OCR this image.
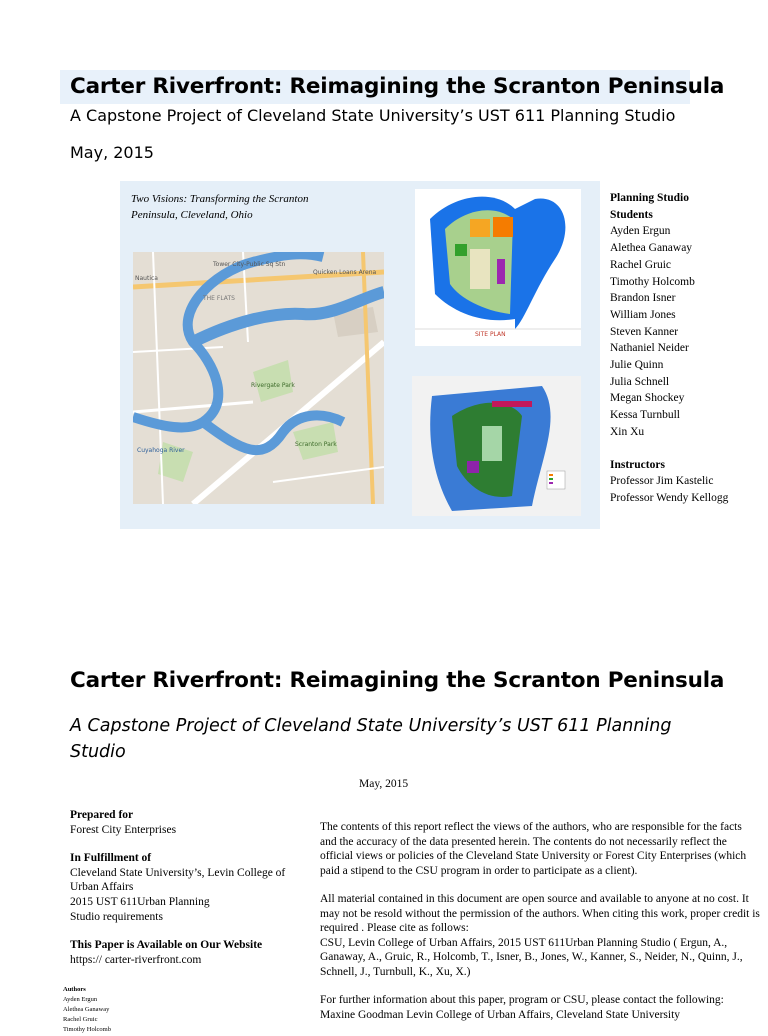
Carter Riverfront: Reimagining the Scranton Peninsula
A Capstone Project of Cleveland State University’s UST 611 Planning Studio
May, 2015
Two Visions: Transforming the Scranton
Peninsula, Cleveland, Ohio
Tower City-Public Sq Stn
Quicken Loans Arena
THE FLATS
Nautica
Cuyahoga River
Rivergate Park
Scranton Park
SITE PLAN
Planning Studio
Students
Ayden Ergun
Alethea Ganaway
Rachel Gruic
Timothy Holcomb
Brandon Isner
William Jones
Steven Kanner
Nathaniel Neider
Julie Quinn
Julia Schnell
Megan Shockey
Kessa Turnbull
Xin Xu
Instructors
Professor Jim Kastelic
Professor Wendy Kellogg
Carter Riverfront: Reimagining the Scranton Peninsula
A Capstone Project of Cleveland State University’s UST 611 Planning Studio
May, 2015
Prepared for
Forest City Enterprises
In Fulfillment of
Cleveland State University’s, Levin College of
Urban Affairs
2015 UST 611Urban Planning
Studio requirements
This Paper is Available on Our Website
https:// carter-riverfront.com
Authors
Ayden Ergun
Alethea Ganaway
Rachel Gruic
Timothy Holcomb

The contents of this report reflect the views of the authors, who are responsible for the facts and the accuracy of the data presented herein. The contents do not necessarily reflect the official views or policies of the Cleveland State University or Forest City Enterprises (which paid a stipend to the CSU program in order to participate as a client).

All material contained in this document are open source and available to anyone at no cost. It may not be resold without the permission of the authors. When citing this work, proper credit is required . Please cite as follows:
CSU, Levin College of Urban Affairs, 2015 UST 611Urban Planning Studio ( Ergun, A., Ganaway, A., Gruic, R., Holcomb, T., Isner, B., Jones, W., Kanner, S., Neider, N., Quinn, J., Schnell, J., Turnbull, K., Xu, X.)

For further information about this paper, program or CSU, please contact the following:
Maxine Goodman Levin College of Urban Affairs, Cleveland State University
